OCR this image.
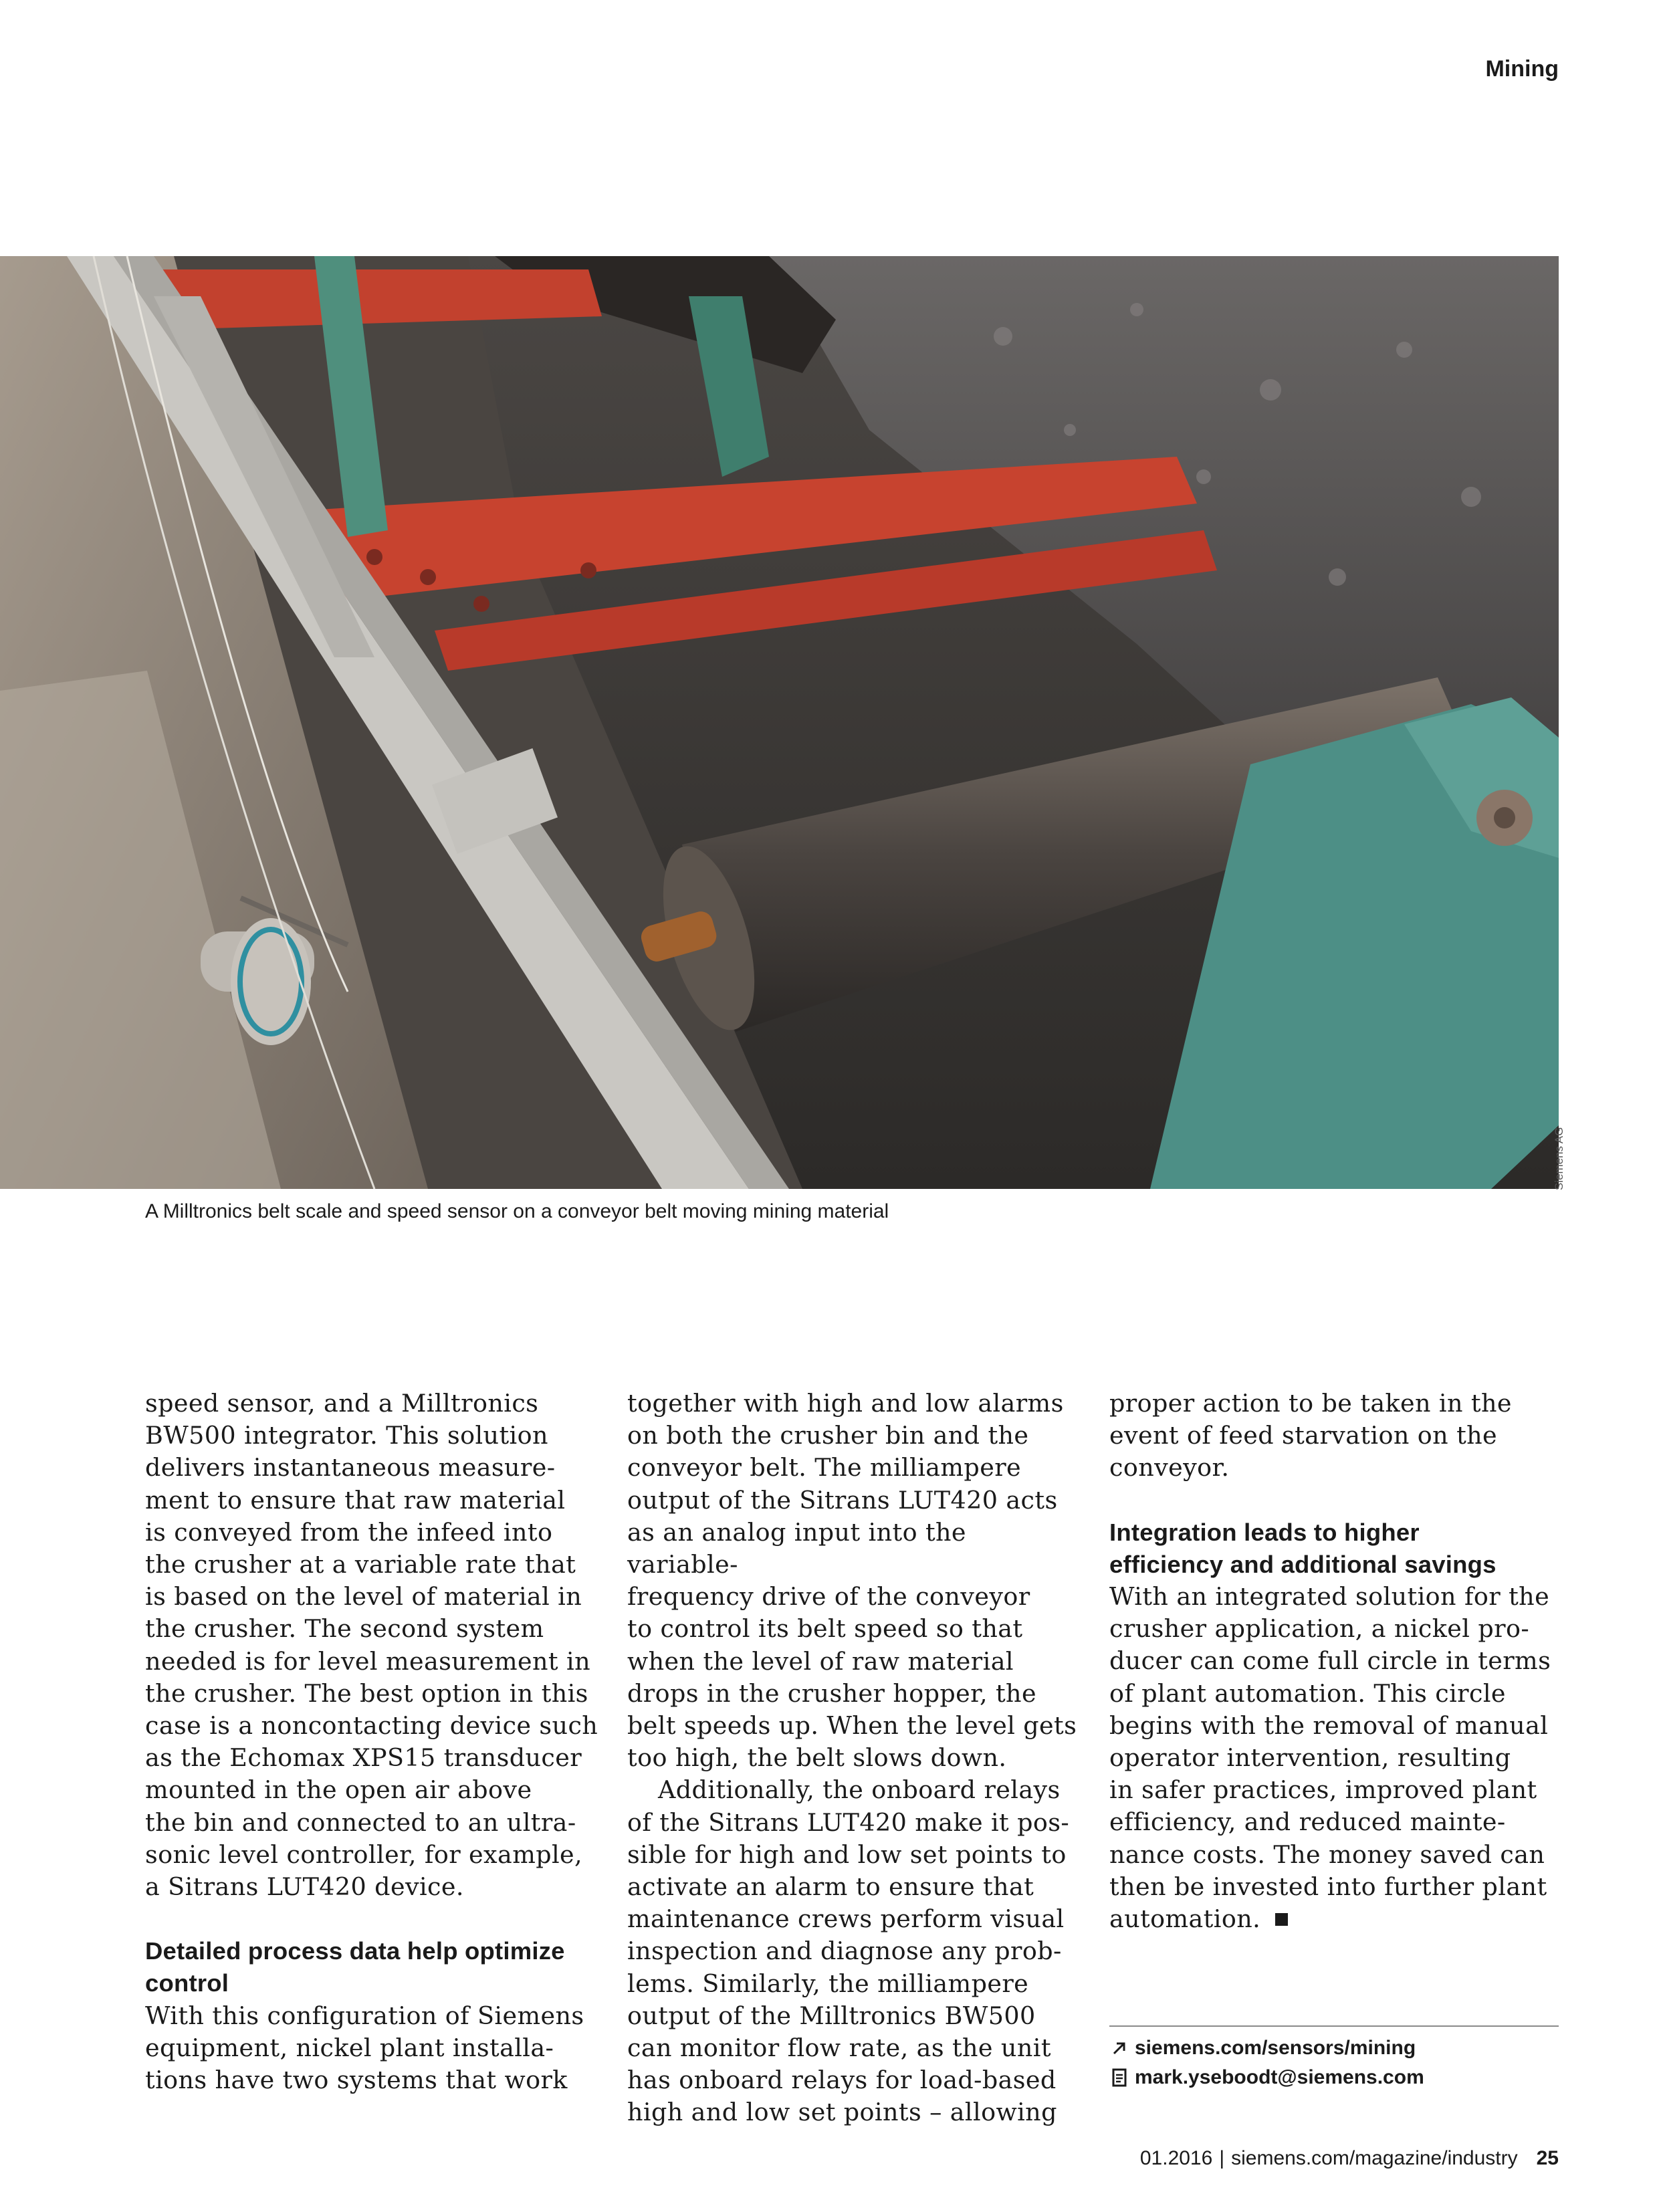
Mining
Siemens AG
A Milltronics belt scale and speed sensor on a conveyor belt moving mining material

speed sensor, and a Milltronics
BW500 integrator. This solution
delivers instantaneous measure-
ment to ensure that raw material
is conveyed from the infeed into
the crusher at a variable rate that
is based on the level of material in
the crusher. The second system
needed is for level measurement in
the crusher. The best option in this
case is a noncontacting device such
as the Echomax XPS15 transducer
mounted in the open air above
the bin and connected to an ultra-
sonic level controller, for example,
a Sitrans LUT420 device.

Detailed process data help optimize
control

With this configuration of Siemens
equipment, nickel plant installa-
tions have two systems that work

together with high and low alarms
on both the crusher bin and the
conveyor belt. The milliampere
output of the Sitrans LUT420 acts
as an analog input into the variable-
frequency drive of the conveyor
to control its belt speed so that
when the level of raw material
drops in the crusher hopper, the
belt speeds up. When the level gets
too high, the belt slows down.

Additionally, the onboard relays
of the Sitrans LUT420 make it pos-
sible for high and low set points to
activate an alarm to ensure that
maintenance crews perform visual
inspection and diagnose any prob-
lems. Similarly, the milliampere
output of the Milltronics BW500
can monitor flow rate, as the unit
has onboard relays for load-based
high and low set points – allowing

proper action to be taken in the
event of feed starvation on the
conveyor.

Integration leads to higher
efficiency and additional savings

With an integrated solution for the
crusher application, a nickel pro-
ducer can come full circle in terms
of plant automation. This circle
begins with the removal of manual
operator intervention, resulting
in safer practices, improved plant
efficiency, and reduced mainte-
nance costs. The money saved can
then be invested into further plant
automation.

siemens.com/sensors/mining
mark.yseboodt@siemens.com
01.2016 | siemens.com/magazine/industry 25
